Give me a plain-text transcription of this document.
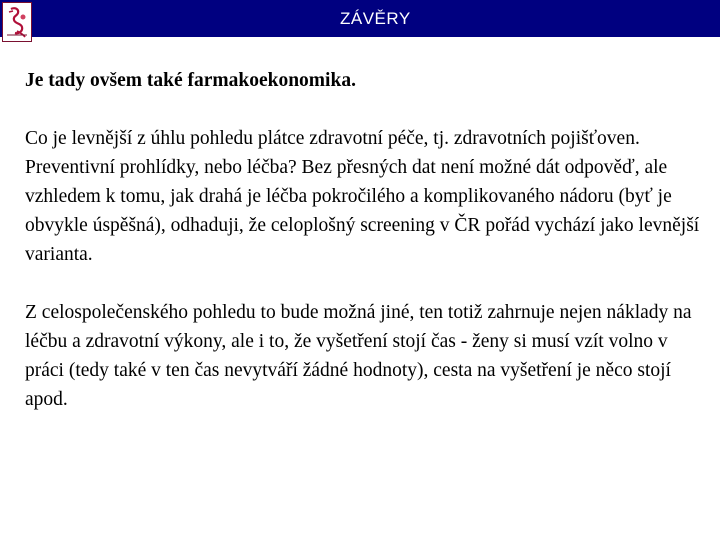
ZÁVĚRY

Je tady ovšem také farmakoekonomika.

Co je levnější z úhlu pohledu plátce zdravotní péče, tj. zdravotních pojišťoven. Preventivní prohlídky, nebo léčba? Bez přesných dat není možné dát odpověď, ale vzhledem k tomu, jak drahá je léčba pokročilého a komplikovaného nádoru (byť je obvykle úspěšná), odhaduji, že celoplošný screening v ČR pořád vychází jako levnější varianta.

Z celospolečenského pohledu to bude možná jiné, ten totiž zahrnuje nejen náklady na léčbu a zdravotní výkony, ale i to, že vyšetření stojí čas - ženy si musí vzít volno v práci (tedy také v ten čas nevytváří žádné hodnoty), cesta na vyšetření je něco stojí apod.
